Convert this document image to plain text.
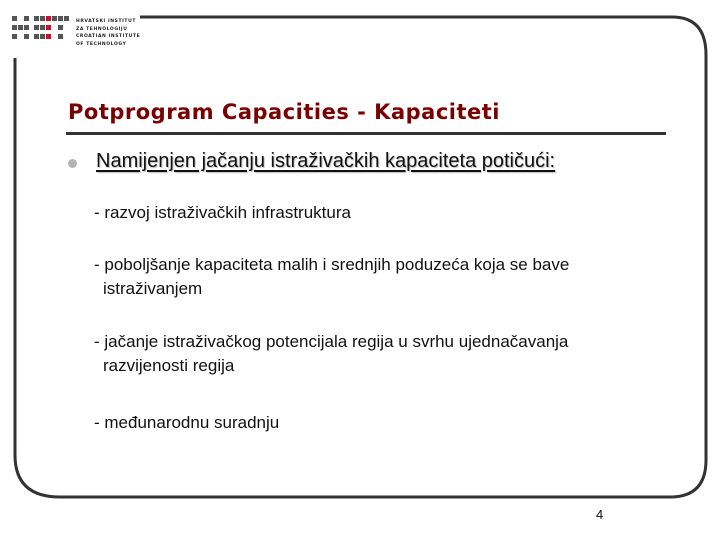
HRVATSKI INSTITUT
ZA TEHNOLOGIJU
CROATIAN INSTITUTE
OF TECHNOLOGY
Potprogram Capacities - Kapaciteti
Namijenjen jačanju istraživačkih kapaciteta potičući:
- razvoj istraživačkih infrastruktura
- poboljšanje kapaciteta malih i srednjih poduzeća koja se bave
istraživanjem
- jačanje istraživačkog potencijala regija u svrhu ujednačavanja
razvijenosti regija
- međunarodnu suradnju
4
